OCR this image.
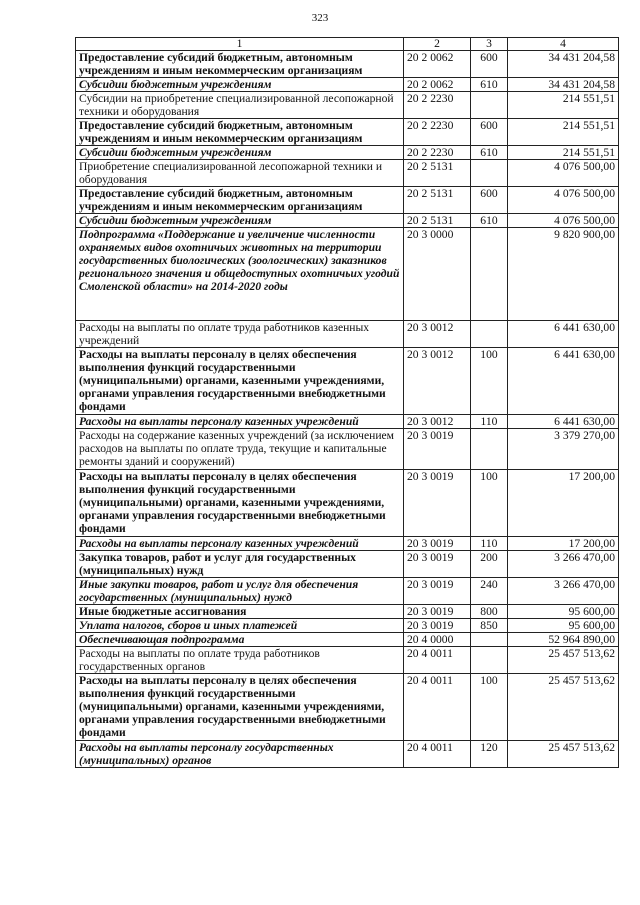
323
1	2	3	4
Предоставление субсидий бюджетным, автономным учреждениям и иным некоммерческим организациям	20 2 0062	600	34 431 204,58
Субсидии бюджетным учреждениям	20 2 0062	610	34 431 204,58
Субсидии на приобретение специализированной лесопожарной техники и оборудования	20 2 2230		214 551,51
Предоставление субсидий бюджетным, автономным учреждениям и иным некоммерческим организациям	20 2 2230	600	214 551,51
Субсидии бюджетным учреждениям	20 2 2230	610	214 551,51
Приобретение специализированной лесопожарной техники и оборудования	20 2 5131		4 076 500,00
Предоставление субсидий бюджетным, автономным учреждениям и иным некоммерческим организациям	20 2 5131	600	4 076 500,00
Субсидии бюджетным учреждениям	20 2 5131	610	4 076 500,00
Подпрограмма «Поддержание и увеличение численности охраняемых видов охотничьих животных на территории государственных биологических (зоологических) заказников регионального значения и общедоступных охотничьих угодий Смоленской области» на 2014-2020 годы	20 3 0000		9 820 900,00
Расходы на выплаты по оплате труда работников казенных учреждений	20 3 0012		6 441 630,00
Расходы на выплаты персоналу в целях обеспечения выполнения функций государственными (муниципальными) органами, казенными учреждениями, органами управления государственными внебюджетными фондами	20 3 0012	100	6 441 630,00
Расходы на выплаты персоналу казенных учреждений	20 3 0012	110	6 441 630,00
Расходы на содержание казенных учреждений (за исключением расходов на выплаты по оплате труда, текущие и капитальные ремонты зданий и сооружений)	20 3 0019		3 379 270,00
Расходы на выплаты персоналу в целях обеспечения выполнения функций государственными (муниципальными) органами, казенными учреждениями, органами управления государственными внебюджетными фондами	20 3 0019	100	17 200,00
Расходы на выплаты персоналу казенных учреждений	20 3 0019	110	17 200,00
Закупка товаров, работ и услуг для государственных (муниципальных) нужд	20 3 0019	200	3 266 470,00
Иные закупки товаров, работ и услуг для обеспечения государственных (муниципальных) нужд	20 3 0019	240	3 266 470,00
Иные бюджетные ассигнования	20 3 0019	800	95 600,00
Уплата налогов, сборов и иных платежей	20 3 0019	850	95 600,00
Обеспечивающая подпрограмма	20 4 0000		52 964 890,00
Расходы на выплаты по оплате труда работников государственных органов	20 4 0011		25 457 513,62
Расходы на выплаты персоналу в целях обеспечения выполнения функций государственными (муниципальными) органами, казенными учреждениями, органами управления государственными внебюджетными фондами	20 4 0011	100	25 457 513,62
Расходы на выплаты персоналу государственных (муниципальных) органов	20 4 0011	120	25 457 513,62
